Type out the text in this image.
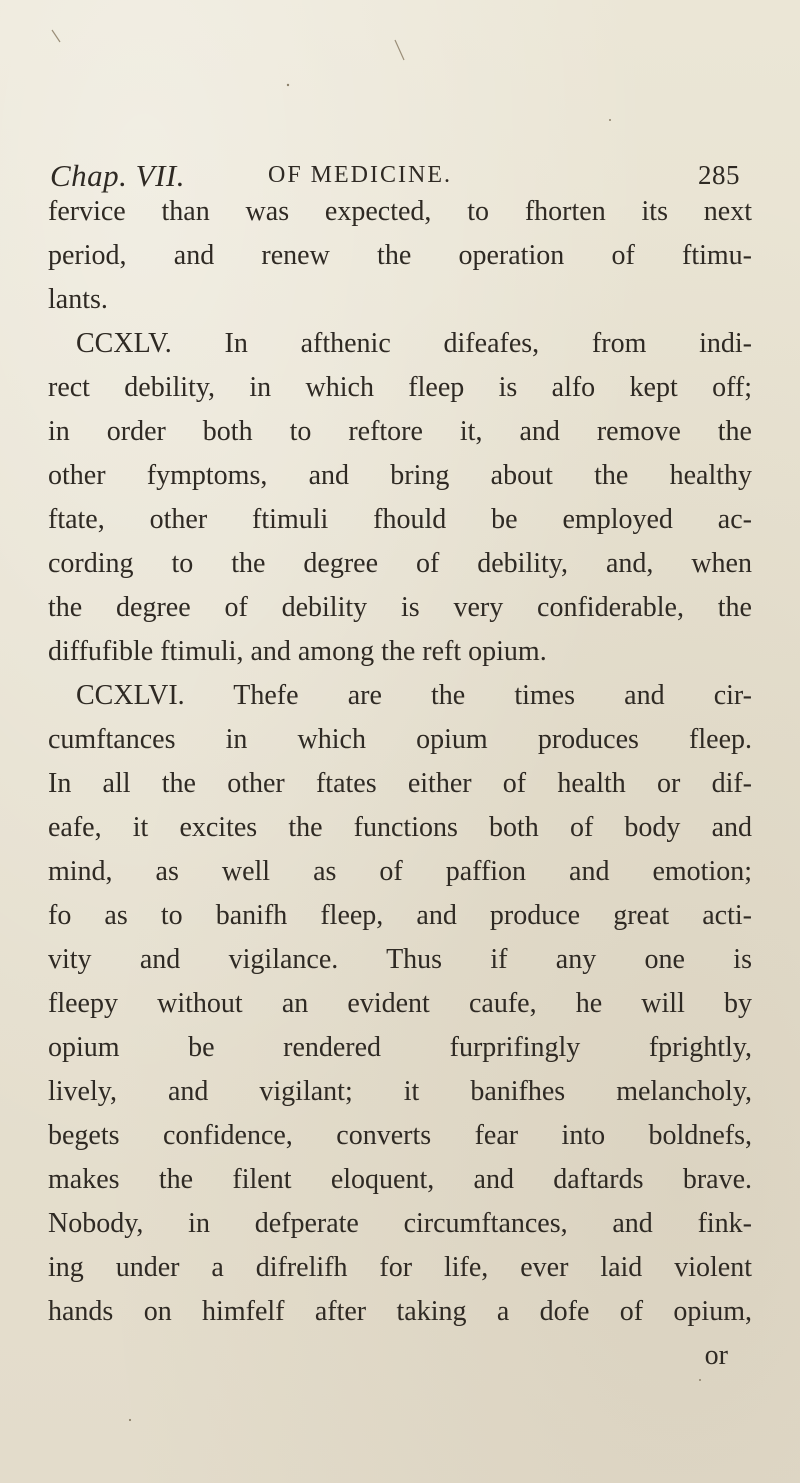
Chap. VII.	OF MEDICINE.	285
fervice than was expected, to fhorten its next
period, and renew the operation of ftimu-
lants.
CCXLV. In afthenic difeafes, from indi-
rect debility, in which fleep is alfo kept off;
in order both to reftore it, and remove the
other fymptoms, and bring about the healthy
ftate, other ftimuli fhould be employed ac-
cording to the degree of debility, and, when
the degree of debility is very confiderable, the
diffufible ftimuli, and among the reft opium.
CCXLVI. Thefe are the times and cir-
cumftances in which opium produces fleep.
In all the other ftates either of health or dif-
eafe, it excites the functions both of body and
mind, as well as of paffion and emotion;
fo as to banifh fleep, and produce great acti-
vity and vigilance. Thus if any one is
fleepy without an evident caufe, he will by
opium be rendered furprifingly fprightly,
lively, and vigilant; it banifhes melancholy,
begets confidence, converts fear into boldnefs,
makes the filent eloquent, and daftards brave.
Nobody, in defperate circumftances, and fink-
ing under a difrelifh for life, ever laid violent
hands on himfelf after taking a dofe of opium,
or
